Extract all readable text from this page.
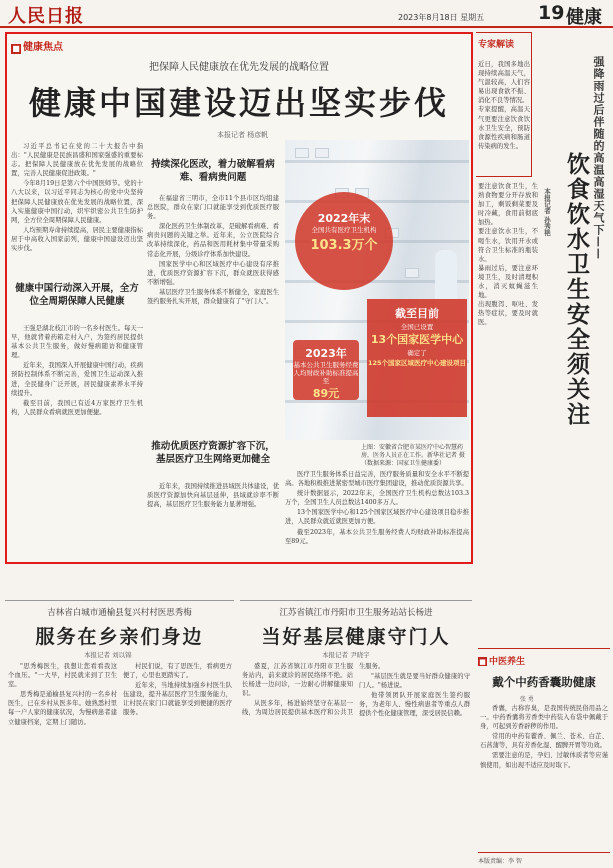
人民日报	2023年8月18日 星期五	19 健康
■ 健康焦点
把保障人民健康放在优先发展的战略位置
健康中国建设迈出坚实步伐
本报记者 杨彦帆

习近平总书记在党的二十大报告中指出："人民健康是民族昌盛和国家强盛的重要标志。把保障人民健康放在优先发展的战略位置，完善人民健康促进政策。"

今年8月19日是第六个中国医师节。党的十八大以来，以习近平同志为核心的党中央坚持把保障人民健康放在优先发展的战略位置，深入实施健康中国行动，织牢织密公共卫生防护网，全方位全周期保障人民健康。

人均预期寿命持续提高，居民主要健康指标居于中高收入国家前列，健康中国建设迈出坚实步伐。

健康中国行动深入开展，全方位全周期保障人民健康

王强是湖北枝江市的一名乡村医生。每天一早，他就背着药箱走村入户，为签约居民提供基本公共卫生服务，做好慢病随访和健康管理。

近年来，我国深入开展健康中国行动，疾病预防控制体系不断完善，爱国卫生运动深入推进，全民健身广泛开展，居民健康素养水平持续提升。

截至目前，我国已有近4万家医疗卫生机构，人民群众看病就医更加便捷。

持续深化医改，着力破解看病难、看病贵问题

在福建省三明市，全市11个县市区均组建总医院，群众在家门口就能享受到优质医疗服务。

深化医药卫生体制改革，是破解看病难、看病贵问题的关键之举。近年来，公立医院综合改革持续深化，药品和医用耗材集中带量采购常态化开展，分级诊疗体系加快建设。

国家医学中心和区域医疗中心建设有序推进，优质医疗资源扩容下沉，群众就医获得感不断增强。

基层医疗卫生服务体系不断健全，家庭医生签约服务扎实开展，群众健康有了"守门人"。

推动优质医疗资源扩容下沉，基层医疗卫生网络更加健全

近年来，我国持续推进县域医共体建设，优质医疗资源加快向基层延伸，县域就诊率不断提高，基层医疗卫生服务能力显著增强。

2022年末
全国共有医疗卫生机构
103.3万个
截至目前
全国已设置
13个国家医学中心
确定了
125个国家区域医疗中心建设项目
2023年
基本公共卫生服务经费人均财政补助标准提高至
89元
上图：安徽省合肥市某医疗中心智慧药房，医务人员正在工作。新华社记者 摄（数据来源：国家卫生健康委）

医疗卫生服务体系日益完善，医疗服务质量和安全水平不断提高。各地积极推进紧密型城市医疗集团建设，推动优质资源共享。

统计数据显示，2022年末，全国医疗卫生机构总数达103.3万个，全国卫生人员总数达1400多万人。

13个国家医学中心和125个国家区域医疗中心建设项目稳步推进，人民群众就近就医更加方便。

截至2023年，基本公共卫生服务经费人均财政补助标准提高至89元。

专家解读

近日，我国多地出现持续高温天气，气温较高，人们容易出现食欲不振、消化不良等情况。

专家提醒，高温天气更要注意饮食饮水卫生安全，预防食源性疾病和肠道传染病的发生。

要注意饮食卫生，生熟食物要分开存放和加工，剩饭剩菜要及时冷藏，食用前彻底加热。

要注意饮水卫生，不喝生水，饮用开水或符合卫生标准的瓶装水。

暴雨过后，要注意环境卫生，及时清理积水，消灭蚊蝇滋生地。

出现腹泻、呕吐、发热等症状，要及时就医。

强降雨过后伴随的高温高湿天气下——
饮食饮水卫生安全须关注
本报记者 孙秀艳
吉林省白城市通榆县复兴村村医思秀梅
服务在乡亲们身边
本报记者 刘以锦

"思秀梅医生，我想让您看看我这个血压。"一大早，村民就来到了卫生室。

思秀梅是通榆县复兴村的一名乡村医生，已在乡村从医多年。她熟悉村里每一户人家的健康状况，为慢病患者建立健康档案，定期上门随访。

村民们说，有了思医生，看病更方便了，心里也更踏实了。

近年来，当地持续加强乡村医生队伍建设，提升基层医疗卫生服务能力，让村民在家门口就能享受到便捷的医疗服务。

江苏省镇江市丹阳市卫生服务站站长杨进
当好基层健康守门人
本报记者 尹晓宇

盛夏，江苏省镇江市丹阳市卫生服务站内，前来就诊的居民络绎不绝。站长杨进一边问诊，一边耐心讲解健康知识。

从医多年，杨进始终坚守在基层一线，为周边居民提供基本医疗和公共卫生服务。

"基层医生就是要当好群众健康的守门人。"杨进说。

他带领团队开展家庭医生签约服务，为老年人、慢性病患者等重点人群提供个性化健康管理，深受居民信赖。

■ 中医养生
戴个中药香囊助健康
张 勇

香囊，古称容臭，是我国传统民俗用品之一。中药香囊将芳香类中药装入布袋中佩戴于身，可起到芳香辟秽的作用。

常用的中药有藿香、佩兰、苍术、白芷、石菖蒲等，具有芳香化湿、醒脾开胃等功效。

需要注意的是，孕妇、过敏体质者等应谨慎使用，如出现不适应及时取下。

本版责编：李 智
